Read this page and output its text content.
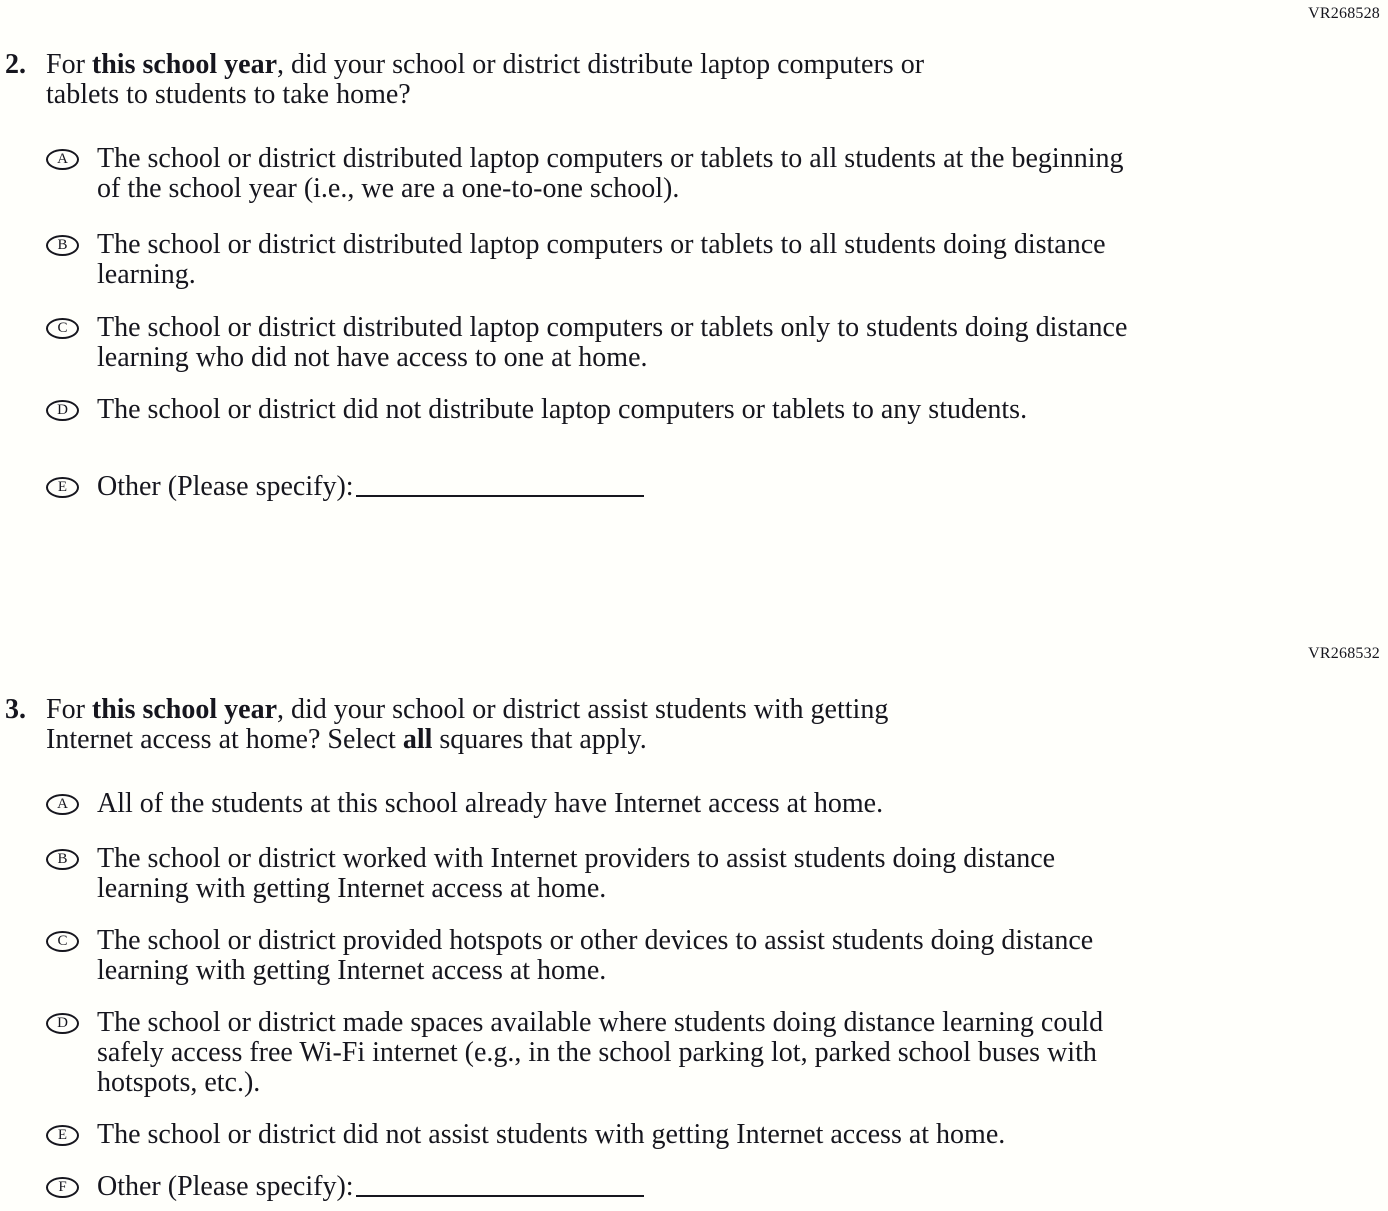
VR268528
VR268532
2. For this school year, did your school or district distribute laptop computers or
tablets to students to take home?
A	The school or district distributed laptop computers or tablets to all students at the beginning
of the school year (i.e., we are a one-to-one school).
B	The school or district distributed laptop computers or tablets to all students doing distance
learning.
C	The school or district distributed laptop computers or tablets only to students doing distance
learning who did not have access to one at home.
D	The school or district did not distribute laptop computers or tablets to any students.
E	Other (Please specify):
3. For this school year, did your school or district assist students with getting
Internet access at home? Select all squares that apply.
A	All of the students at this school already have Internet access at home.
B	The school or district worked with Internet providers to assist students doing distance
learning with getting Internet access at home.
C	The school or district provided hotspots or other devices to assist students doing distance
learning with getting Internet access at home.
D	The school or district made spaces available where students doing distance learning could
safely access free Wi-Fi internet (e.g., in the school parking lot, parked school buses with
hotspots, etc.).
E	The school or district did not assist students with getting Internet access at home.
F	Other (Please specify):
